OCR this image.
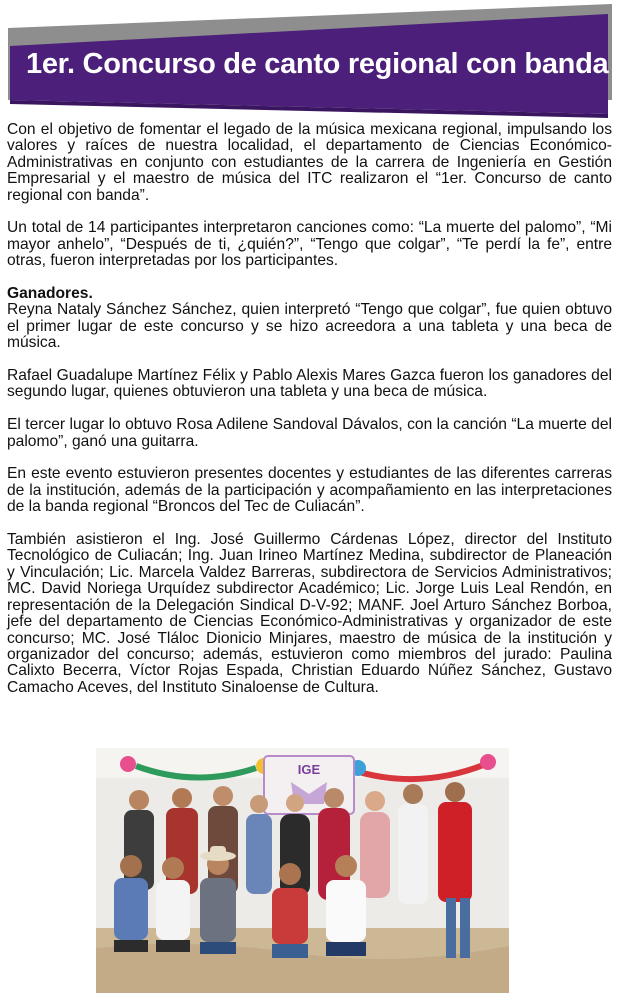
1er. Concurso de canto regional con banda

Con el objetivo de fomentar el legado de la música mexicana regional, impulsando los valores y raíces de nuestra localidad, el departamento de Ciencias Económico-Administrativas en conjunto con estudiantes de la carrera de Ingeniería en Gestión Empresarial y el maestro de música del ITC realizaron el “1er. Concurso de canto regional con banda”.

Un total de 14 participantes interpretaron canciones como: “La muerte del palomo”, “Mi mayor anhelo”, “Después de ti, ¿quién?”, “Tengo que colgar”, “Te perdí la fe”, entre otras, fueron interpretadas por los participantes.

Ganadores.
Reyna Nataly Sánchez Sánchez, quien interpretó “Tengo que colgar”, fue quien obtuvo el primer lugar de este concurso y se hizo acreedora a una tableta y una beca de música.

Rafael Guadalupe Martínez Félix y Pablo Alexis Mares Gazca fueron los ganadores del segundo lugar, quienes obtuvieron una tableta y una beca de música.

El tercer lugar lo obtuvo Rosa Adilene Sandoval Dávalos, con la canción “La muerte del palomo”, ganó una guitarra.

En este evento estuvieron presentes docentes y estudiantes de las diferentes carreras de la institución, además de la participación y acompañamiento en las interpretaciones de la banda regional “Broncos del Tec de Culiacán”.

También asistieron el Ing. José Guillermo Cárdenas López, director del Instituto Tecnológico de Culiacán; Ing. Juan Irineo Martínez Medina, subdirector de Planeación y Vinculación; Lic. Marcela Valdez Barreras, subdirectora de Servicios Administrativos; MC. David Noriega Urquídez subdirector Académico; Lic. Jorge Luis Leal Rendón, en representación de la Delegación Sindical D-V-92; MANF. Joel Arturo Sánchez Borboa, jefe del departamento de Ciencias Económico-Administrativas y organizador de este concurso; MC. José Tláloc Dionicio Minjares, maestro de música de la institución y organizador del concurso; además, estuvieron como miembros del jurado: Paulina Calixto Becerra, Víctor Rojas Espada, Christian Eduardo Núñez Sánchez, Gustavo Camacho Aceves, del Instituto Sinaloense de Cultura.

IGE
